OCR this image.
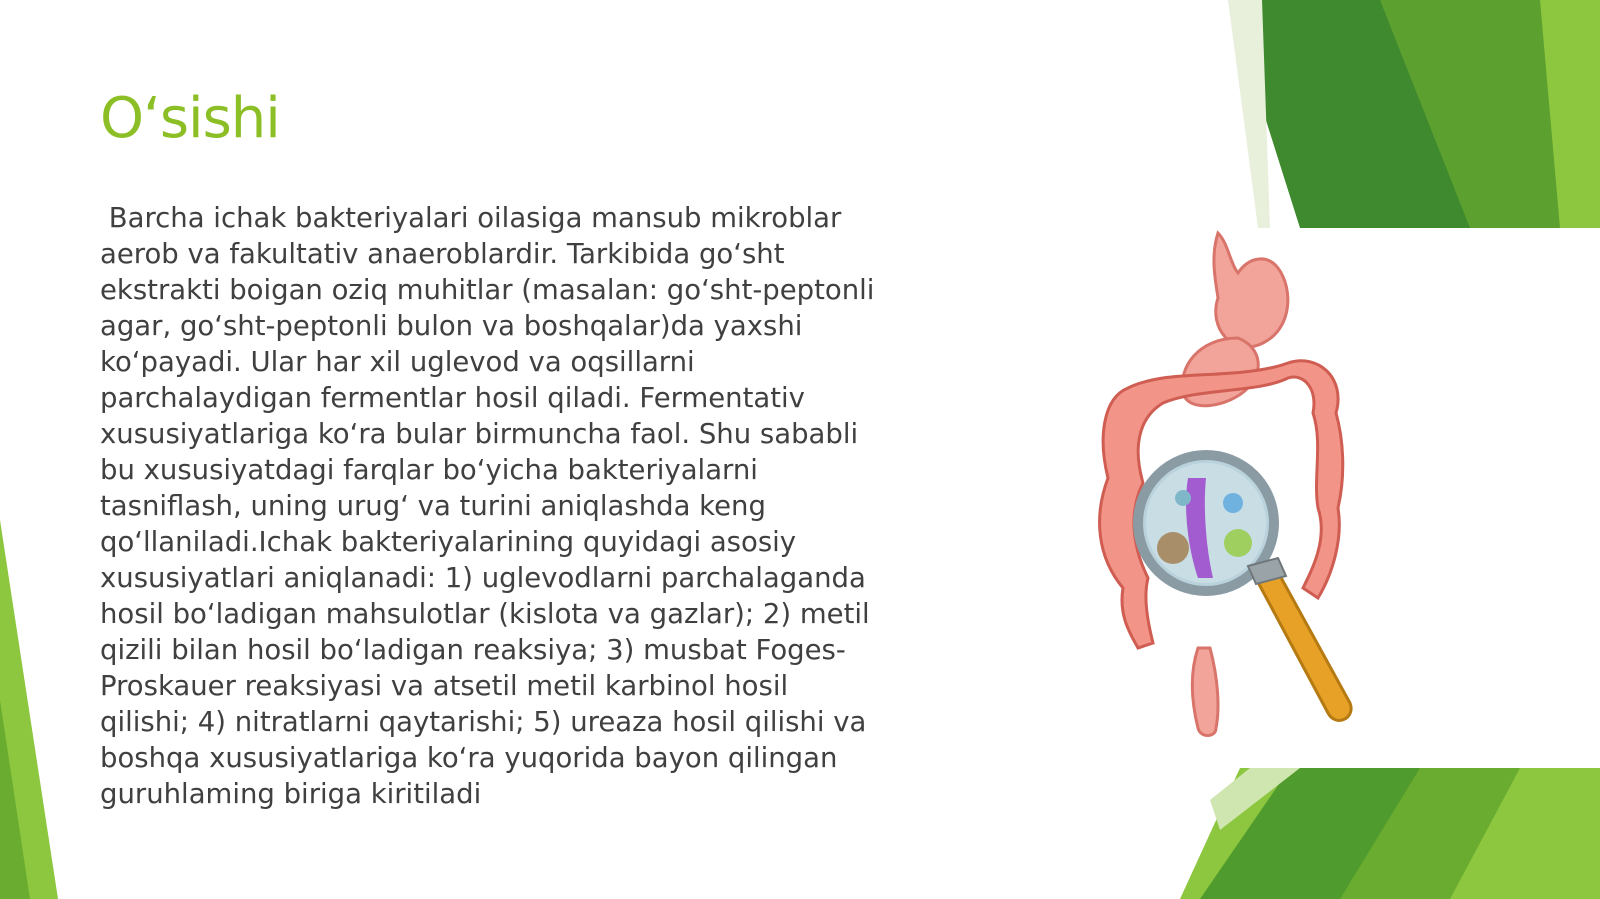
O‘sishi

Barcha ichak bakteriyalari oilasiga mansub mikroblar
aerob va fakultativ anaeroblardir. Tarkibida go‘sht
ekstrakti boigan oziq muhitlar (masalan: go‘sht-peptonli
agar, go‘sht-peptonli bulon va boshqalar)da yaxshi
ko‘payadi. Ular har xil uglevod va oqsillarni
parchalaydigan fermentlar hosil qiladi. Fermentativ
xususiyatlariga ko‘ra bular birmuncha faol. Shu sababli
bu xususiyatdagi farqlar bo‘yicha bakteriyalarni
tasniflash, uning urug‘ va turini aniqlashda keng
qo‘llaniladi.Ichak bakteriyalarining quyidagi asosiy
xususiyatlari aniqlanadi: 1) uglevodlarni parchalaganda
hosil bo‘ladigan mahsulotlar (kislota va gazlar); 2) metil
qizili bilan hosil bo‘ladigan reaksiya; 3) musbat Foges-
Proskauer reaksiyasi va atsetil metil karbinol hosil
qilishi; 4) nitratlarni qaytarishi; 5) ureaza hosil qilishi va
boshqa xususiyatlariga ko‘ra yuqorida bayon qilingan
guruhlaming biriga kiritiladi
